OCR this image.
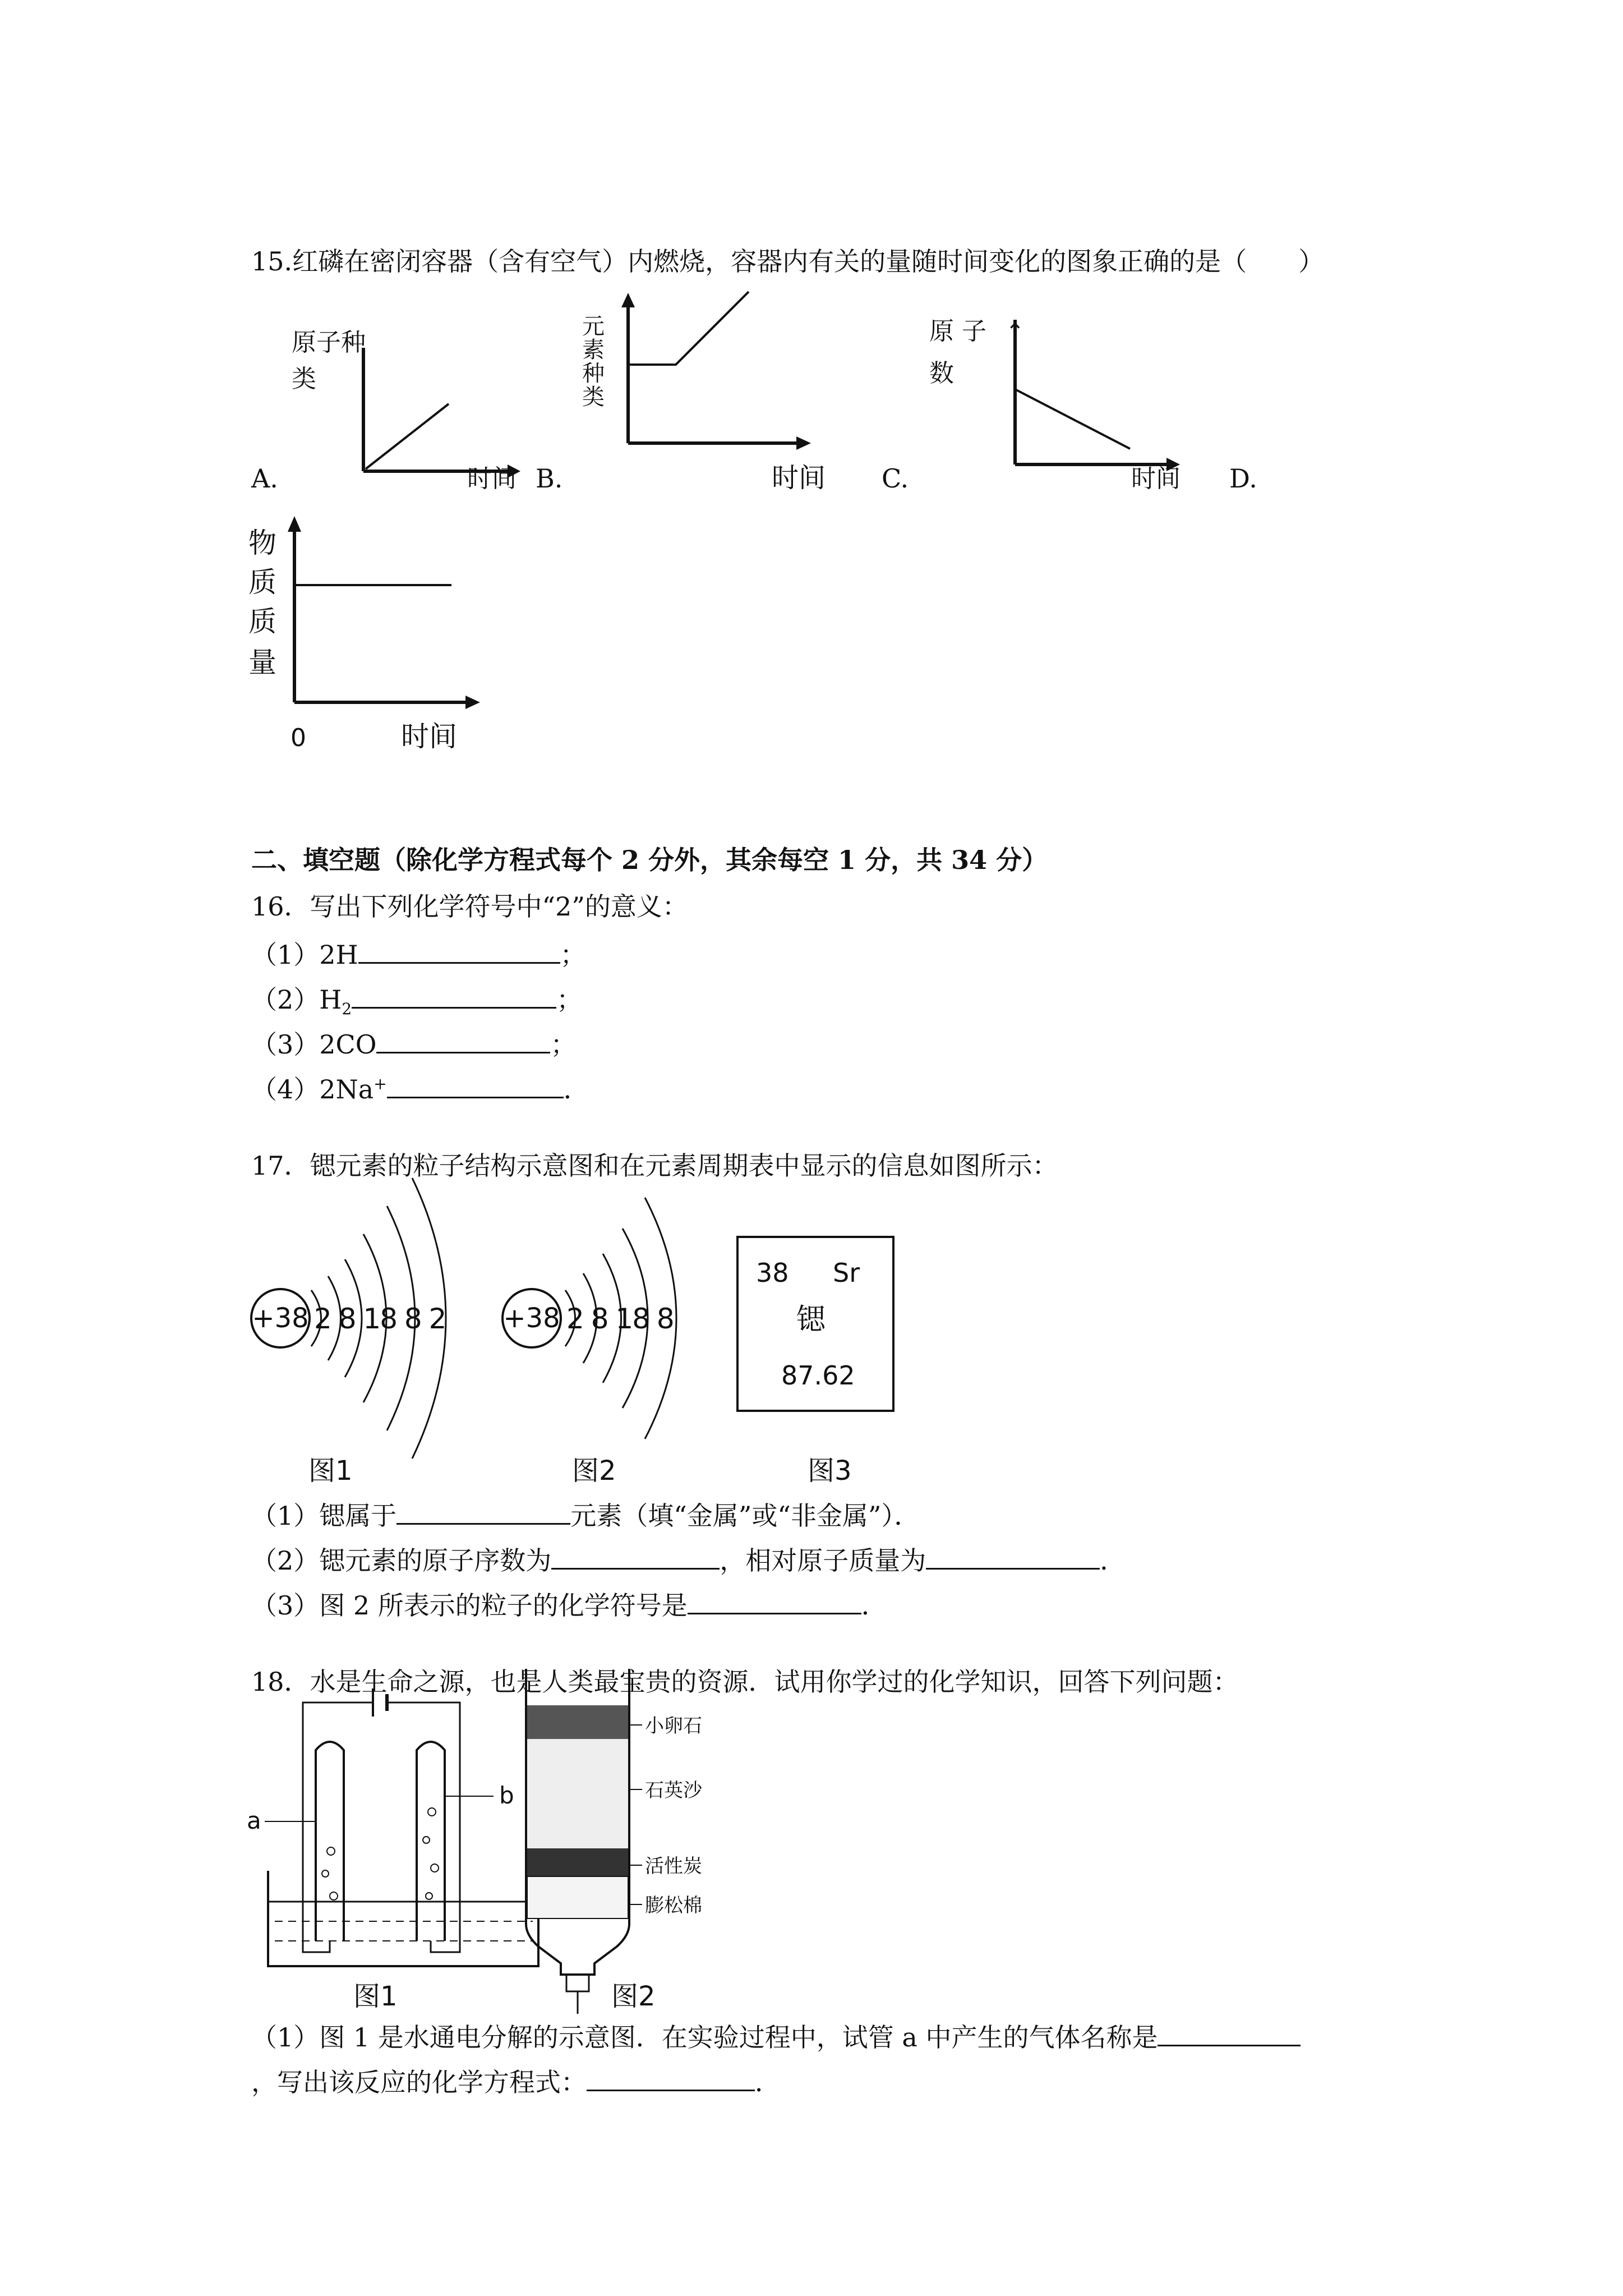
15.红磷在密闭容器（含有空气）内燃烧，容器内有关的量随时间变化的图象正确的是（　　）
原子种
类
时间
元
素
种
类
时间
原 子
数
↑
时间
物
质
质
量
0	时间
+38 2 8 18 8 2
图1
+38 2 8 18 8
图2
38 Sr
锶
87.62
图3
a
b
图1
小卵石
石英沙
活性炭
膨松棉
图2
A.	B.	C.	D.
二、填空题（除化学方程式每个 2 分外，其余每空 1 分，共 34 分）
16．写出下列化学符号中“2”的意义：
（1）2H	；
$(2)H_2$	；
（3）2CO	；
（4）2Na+	．
17．锶元素的粒子结构示意图和在元素周期表中显示的信息如图所示：
（1）锶属于	元素（填“金属”或“非金属”）．
（2）锶元素的原子序数为	，相对原子质量为	．
（3）图 2 所表示的粒子的化学符号是	．
18．水是生命之源，也是人类最宝贵的资源．试用你学过的化学知识，回答下列问题：
（1）图 1 是水通电分解的示意图．在实验过程中，试管 a 中产生的气体名称是
，写出该反应的化学方程式：	．
